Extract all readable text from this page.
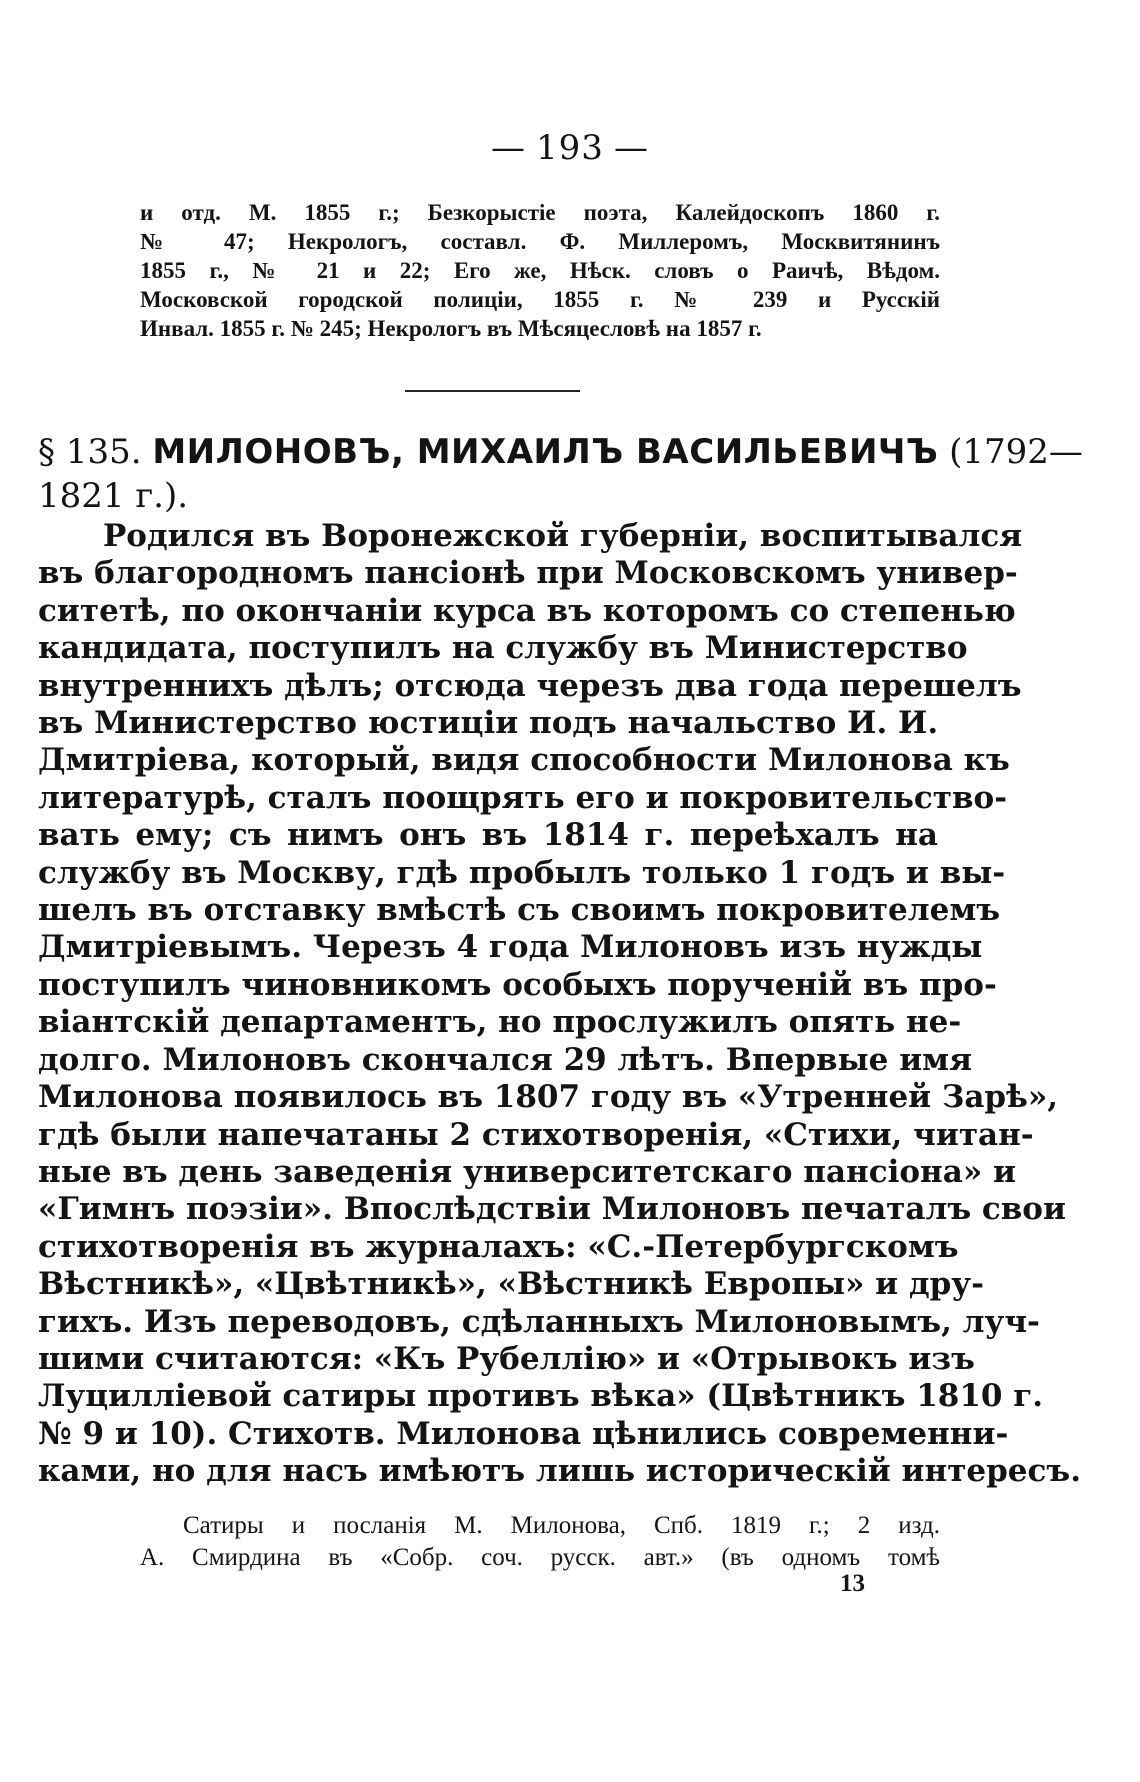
— 193 —
и отд. М. 1855 г.; Безкорыстіе поэта, Калейдоскопъ 1860 г.
№ 47; Некрологъ, составл. Ф. Миллеромъ, Москвитянинъ
1855 г., № 21 и 22; Его же, Нѣск. словъ о Раичѣ, Вѣдом.
Московской городской полиціи, 1855 г. № 239 и Русскій
Инвал. 1855 г. № 245; Некрологъ въ Мѣсяцесловѣ на 1857 г.
§ 135. МИЛОНОВЪ, МИХАИЛЪ ВАСИЛЬЕВИЧЪ (1792—
1821 г.).
Родился въ Воронежской губерніи, воспитывался
въ благородномъ пансіонѣ при Московскомъ универ-
ситетѣ, по окончаніи курса въ которомъ со степенью
кандидата, поступилъ на службу въ Министерство
внутреннихъ дѣлъ; отсюда черезъ два года перешелъ
въ Министерство юстиціи подъ начальство И. И.
Дмитріева, который, видя способности Милонова къ
литературѣ, сталъ поощрять его и покровительство-
вать ему; съ нимъ онъ въ 1814 г. переѣхалъ на
службу въ Москву, гдѣ пробылъ только 1 годъ и вы-
шелъ въ отставку вмѣстѣ съ своимъ покровителемъ
Дмитріевымъ. Черезъ 4 года Милоновъ изъ нужды
поступилъ чиновникомъ особыхъ порученій въ про-
віантскій департаментъ, но прослужилъ опять не-
долго. Милоновъ скончался 29 лѣтъ. Впервые имя
Милонова появилось въ 1807 году въ «Утренней Зарѣ»,
гдѣ были напечатаны 2 стихотворенія, «Стихи, читан-
ные въ день заведенія университетскаго пансіона» и
«Гимнъ поэзіи». Впослѣдствіи Милоновъ печаталъ свои
стихотворенія въ журналахъ: «С.-Петербургскомъ
Вѣстникѣ», «Цвѣтникѣ», «Вѣстникѣ Европы» и дру-
гихъ. Изъ переводовъ, сдѣланныхъ Милоновымъ, луч-
шими считаются: «Къ Рубеллію» и «Отрывокъ изъ
Луцилліевой сатиры противъ вѣка» (Цвѣтникъ 1810 г.
№ 9 и 10). Стихотв. Милонова цѣнились современни-
ками, но для насъ имѣютъ лишь историческій интересъ.
Сатиры и посланія М. Милонова, Спб. 1819 г.; 2 изд.
А. Смирдина въ «Собр. соч. русск. авт.» (въ одномъ томѣ
13
